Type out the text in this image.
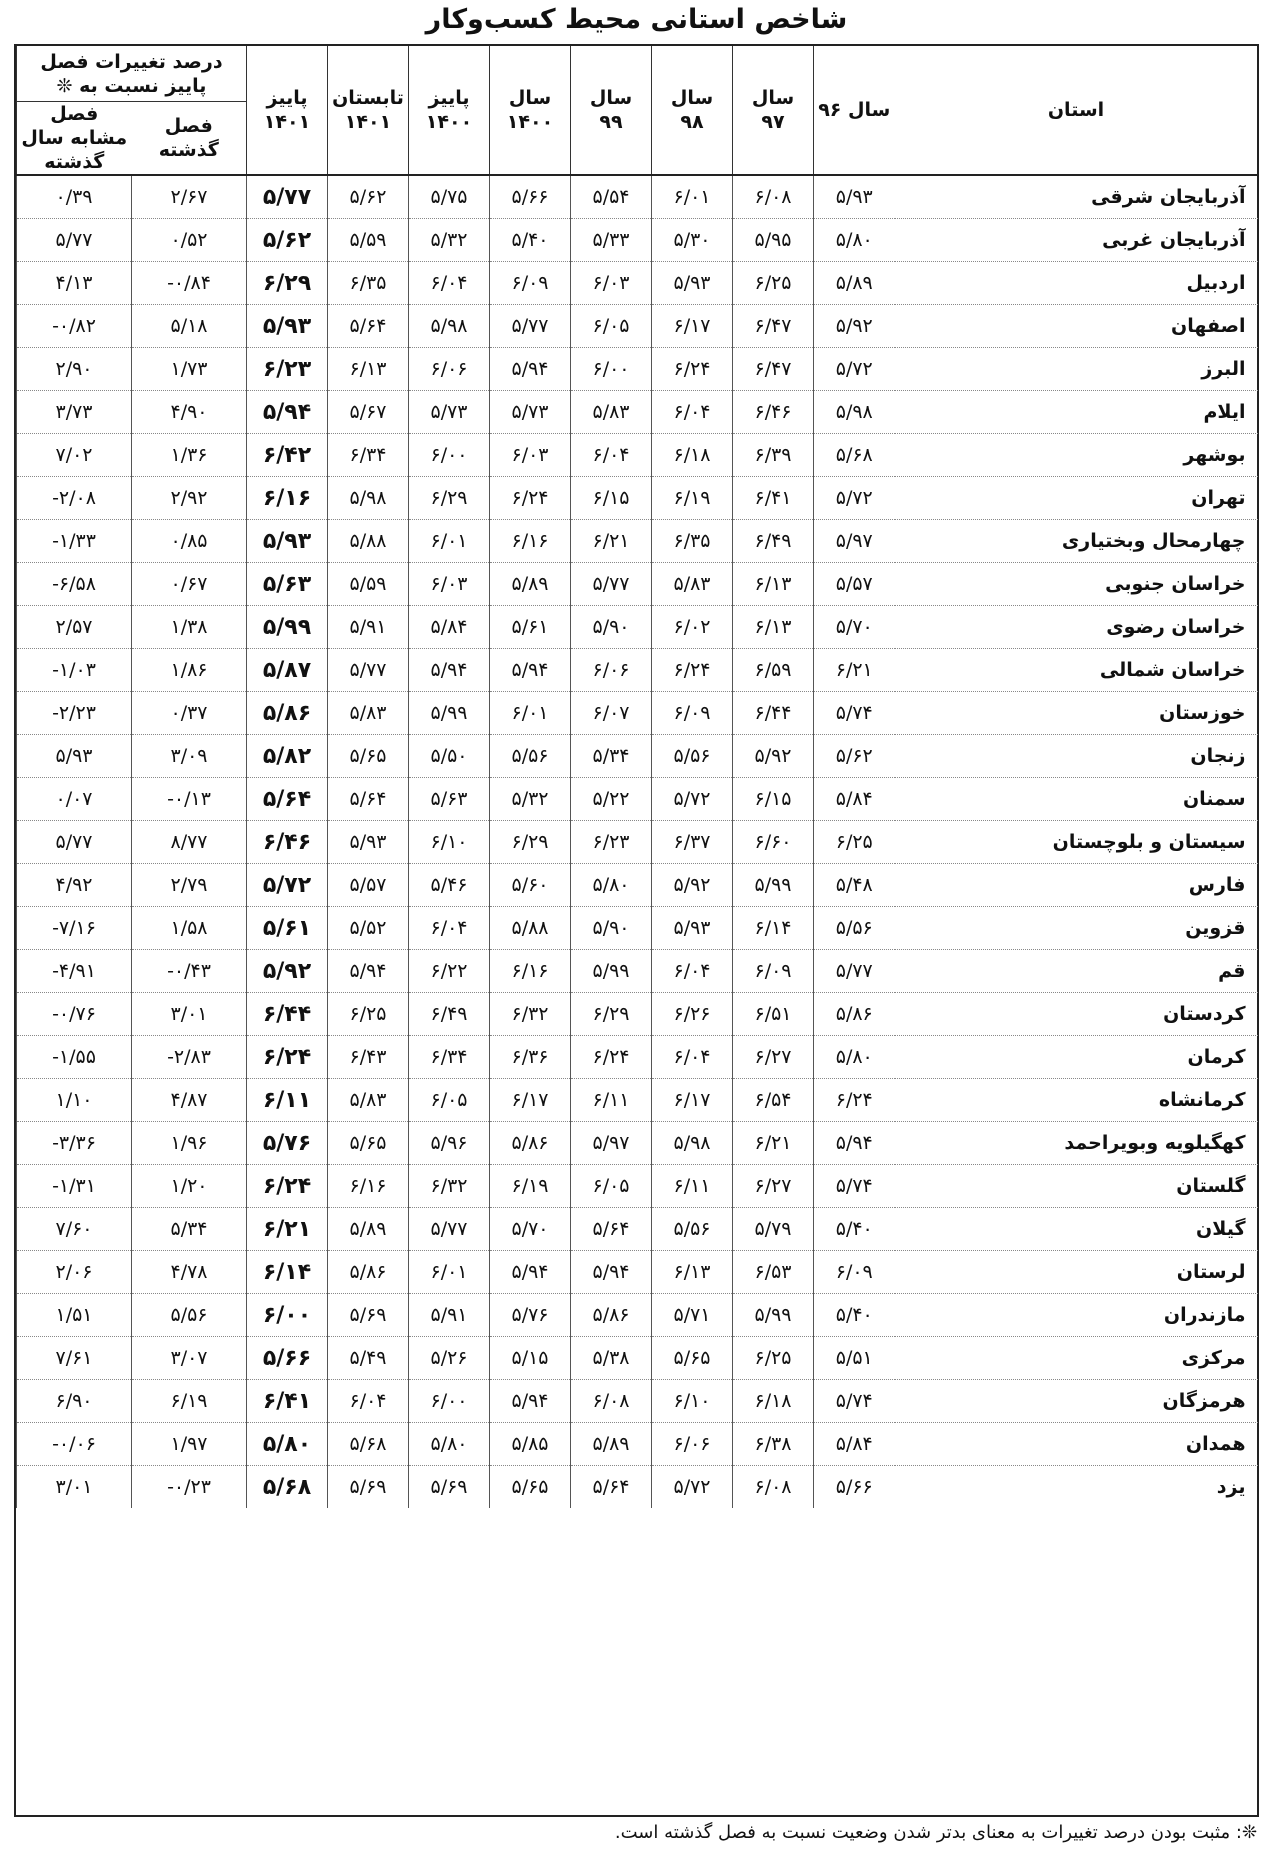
شاخص استانی محیط کسب‌وکار
درصد تغییرات فصل پاییز نسبت به ❊		پاییز ۱۴۰۱	تابستان ۱۴۰۱	پاییز ۱۴۰۰	سال ۱۴۰۰	سال ۹۹	سال ۹۸	سال ۹۷	سال ۹۶	استان
فصل مشابه سال گذشته	فصل گذشته									
۰/۳۹	۲/۶۷	۵/۷۷	۵/۶۲	۵/۷۵	۵/۶۶	۵/۵۴	۶/۰۱	۶/۰۸	۵/۹۳	آذربایجان شرقی
۵/۷۷	۰/۵۲	۵/۶۲	۵/۵۹	۵/۳۲	۵/۴۰	۵/۳۳	۵/۳۰	۵/۹۵	۵/۸۰	آذربایجان غربی
۴/۱۳	-۰/۸۴	۶/۲۹	۶/۳۵	۶/۰۴	۶/۰۹	۶/۰۳	۵/۹۳	۶/۲۵	۵/۸۹	اردبیل
-۰/۸۲	۵/۱۸	۵/۹۳	۵/۶۴	۵/۹۸	۵/۷۷	۶/۰۵	۶/۱۷	۶/۴۷	۵/۹۲	اصفهان
۲/۹۰	۱/۷۳	۶/۲۳	۶/۱۳	۶/۰۶	۵/۹۴	۶/۰۰	۶/۲۴	۶/۴۷	۵/۷۲	البرز
۳/۷۳	۴/۹۰	۵/۹۴	۵/۶۷	۵/۷۳	۵/۷۳	۵/۸۳	۶/۰۴	۶/۴۶	۵/۹۸	ایلام
۷/۰۲	۱/۳۶	۶/۴۲	۶/۳۴	۶/۰۰	۶/۰۳	۶/۰۴	۶/۱۸	۶/۳۹	۵/۶۸	بوشهر
-۲/۰۸	۲/۹۲	۶/۱۶	۵/۹۸	۶/۲۹	۶/۲۴	۶/۱۵	۶/۱۹	۶/۴۱	۵/۷۲	تهران
-۱/۳۳	۰/۸۵	۵/۹۳	۵/۸۸	۶/۰۱	۶/۱۶	۶/۲۱	۶/۳۵	۶/۴۹	۵/۹۷	چهارمحال وبختیاری
-۶/۵۸	۰/۶۷	۵/۶۳	۵/۵۹	۶/۰۳	۵/۸۹	۵/۷۷	۵/۸۳	۶/۱۳	۵/۵۷	خراسان جنوبی
۲/۵۷	۱/۳۸	۵/۹۹	۵/۹۱	۵/۸۴	۵/۶۱	۵/۹۰	۶/۰۲	۶/۱۳	۵/۷۰	خراسان رضوی
-۱/۰۳	۱/۸۶	۵/۸۷	۵/۷۷	۵/۹۴	۵/۹۴	۶/۰۶	۶/۲۴	۶/۵۹	۶/۲۱	خراسان شمالی
-۲/۲۳	۰/۳۷	۵/۸۶	۵/۸۳	۵/۹۹	۶/۰۱	۶/۰۷	۶/۰۹	۶/۴۴	۵/۷۴	خوزستان
۵/۹۳	۳/۰۹	۵/۸۲	۵/۶۵	۵/۵۰	۵/۵۶	۵/۳۴	۵/۵۶	۵/۹۲	۵/۶۲	زنجان
۰/۰۷	-۰/۱۳	۵/۶۴	۵/۶۴	۵/۶۳	۵/۳۲	۵/۲۲	۵/۷۲	۶/۱۵	۵/۸۴	سمنان
۵/۷۷	۸/۷۷	۶/۴۶	۵/۹۳	۶/۱۰	۶/۲۹	۶/۲۳	۶/۳۷	۶/۶۰	۶/۲۵	سیستان و بلوچستان
۴/۹۲	۲/۷۹	۵/۷۲	۵/۵۷	۵/۴۶	۵/۶۰	۵/۸۰	۵/۹۲	۵/۹۹	۵/۴۸	فارس
-۷/۱۶	۱/۵۸	۵/۶۱	۵/۵۲	۶/۰۴	۵/۸۸	۵/۹۰	۵/۹۳	۶/۱۴	۵/۵۶	قزوین
-۴/۹۱	-۰/۴۳	۵/۹۲	۵/۹۴	۶/۲۲	۶/۱۶	۵/۹۹	۶/۰۴	۶/۰۹	۵/۷۷	قم
-۰/۷۶	۳/۰۱	۶/۴۴	۶/۲۵	۶/۴۹	۶/۳۲	۶/۲۹	۶/۲۶	۶/۵۱	۵/۸۶	کردستان
-۱/۵۵	-۲/۸۳	۶/۲۴	۶/۴۳	۶/۳۴	۶/۳۶	۶/۲۴	۶/۰۴	۶/۲۷	۵/۸۰	کرمان
۱/۱۰	۴/۸۷	۶/۱۱	۵/۸۳	۶/۰۵	۶/۱۷	۶/۱۱	۶/۱۷	۶/۵۴	۶/۲۴	کرمانشاه
-۳/۳۶	۱/۹۶	۵/۷۶	۵/۶۵	۵/۹۶	۵/۸۶	۵/۹۷	۵/۹۸	۶/۲۱	۵/۹۴	کهگیلویه وبویراحمد
-۱/۳۱	۱/۲۰	۶/۲۴	۶/۱۶	۶/۳۲	۶/۱۹	۶/۰۵	۶/۱۱	۶/۲۷	۵/۷۴	گلستان
۷/۶۰	۵/۳۴	۶/۲۱	۵/۸۹	۵/۷۷	۵/۷۰	۵/۶۴	۵/۵۶	۵/۷۹	۵/۴۰	گیلان
۲/۰۶	۴/۷۸	۶/۱۴	۵/۸۶	۶/۰۱	۵/۹۴	۵/۹۴	۶/۱۳	۶/۵۳	۶/۰۹	لرستان
۱/۵۱	۵/۵۶	۶/۰۰	۵/۶۹	۵/۹۱	۵/۷۶	۵/۸۶	۵/۷۱	۵/۹۹	۵/۴۰	مازندران
۷/۶۱	۳/۰۷	۵/۶۶	۵/۴۹	۵/۲۶	۵/۱۵	۵/۳۸	۵/۶۵	۶/۲۵	۵/۵۱	مرکزی
۶/۹۰	۶/۱۹	۶/۴۱	۶/۰۴	۶/۰۰	۵/۹۴	۶/۰۸	۶/۱۰	۶/۱۸	۵/۷۴	هرمزگان
-۰/۰۶	۱/۹۷	۵/۸۰	۵/۶۸	۵/۸۰	۵/۸۵	۵/۸۹	۶/۰۶	۶/۳۸	۵/۸۴	همدان
۳/۰۱	-۰/۲۳	۵/۶۸	۵/۶۹	۵/۶۹	۵/۶۵	۵/۶۴	۵/۷۲	۶/۰۸	۵/۶۶	یزد
❊: مثبت بودن درصد تغییرات به معنای بدتر شدن وضعیت نسبت به فصل گذشته است.
